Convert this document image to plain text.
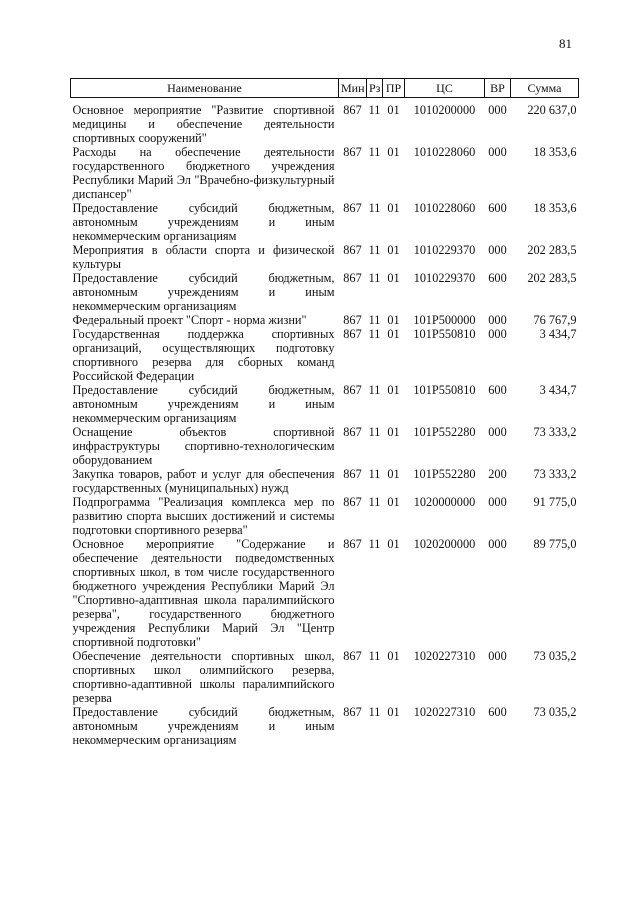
81
Наименование	Мин	Рз	ПР	ЦС	ВР	Сумма
Основное мероприятие "Развитие спортивной медицины и обеспечение деятельности спортивных сооружений"	867	11	01	1010200000	000	220 637,0
Расходы на обеспечение деятельности государственного бюджетного учреждения Республики Марий Эл "Врачебно-физкультурный диспансер"	867	11	01	1010228060	000	18 353,6
Предоставление субсидий бюджетным, автономным учреждениям и иным некоммерческим организациям	867	11	01	1010228060	600	18 353,6
Мероприятия в области спорта и физической культуры	867	11	01	1010229370	000	202 283,5
Предоставление субсидий бюджетным, автономным учреждениям и иным некоммерческим организациям	867	11	01	1010229370	600	202 283,5
Федеральный проект "Спорт - норма жизни"	867	11	01	101P500000	000	76 767,9
Государственная поддержка спортивных организаций, осуществляющих подготовку спортивного резерва для сборных команд Российской Федерации	867	11	01	101P550810	000	3 434,7
Предоставление субсидий бюджетным, автономным учреждениям и иным некоммерческим организациям	867	11	01	101P550810	600	3 434,7
Оснащение объектов спортивной инфраструктуры спортивно-технологическим оборудованием	867	11	01	101P552280	000	73 333,2
Закупка товаров, работ и услуг для обеспечения государственных (муниципальных) нужд	867	11	01	101P552280	200	73 333,2
Подпрограмма "Реализация комплекса мер по развитию спорта высших достижений и системы подготовки спортивного резерва"	867	11	01	1020000000	000	91 775,0
Основное мероприятие "Содержание и обеспечение деятельности подведомственных спортивных школ, в том числе государственного бюджетного учреждения Республики Марий Эл "Спортивно-адаптивная школа паралимпийского резерва", государственного бюджетного учреждения Республики Марий Эл "Центр спортивной подготовки"	867	11	01	1020200000	000	89 775,0
Обеспечение деятельности спортивных школ, спортивных школ олимпийского резерва, спортивно-адаптивной школы паралимпийского резерва	867	11	01	1020227310	000	73 035,2
Предоставление субсидий бюджетным, автономным учреждениям и иным некоммерческим организациям	867	11	01	1020227310	600	73 035,2
